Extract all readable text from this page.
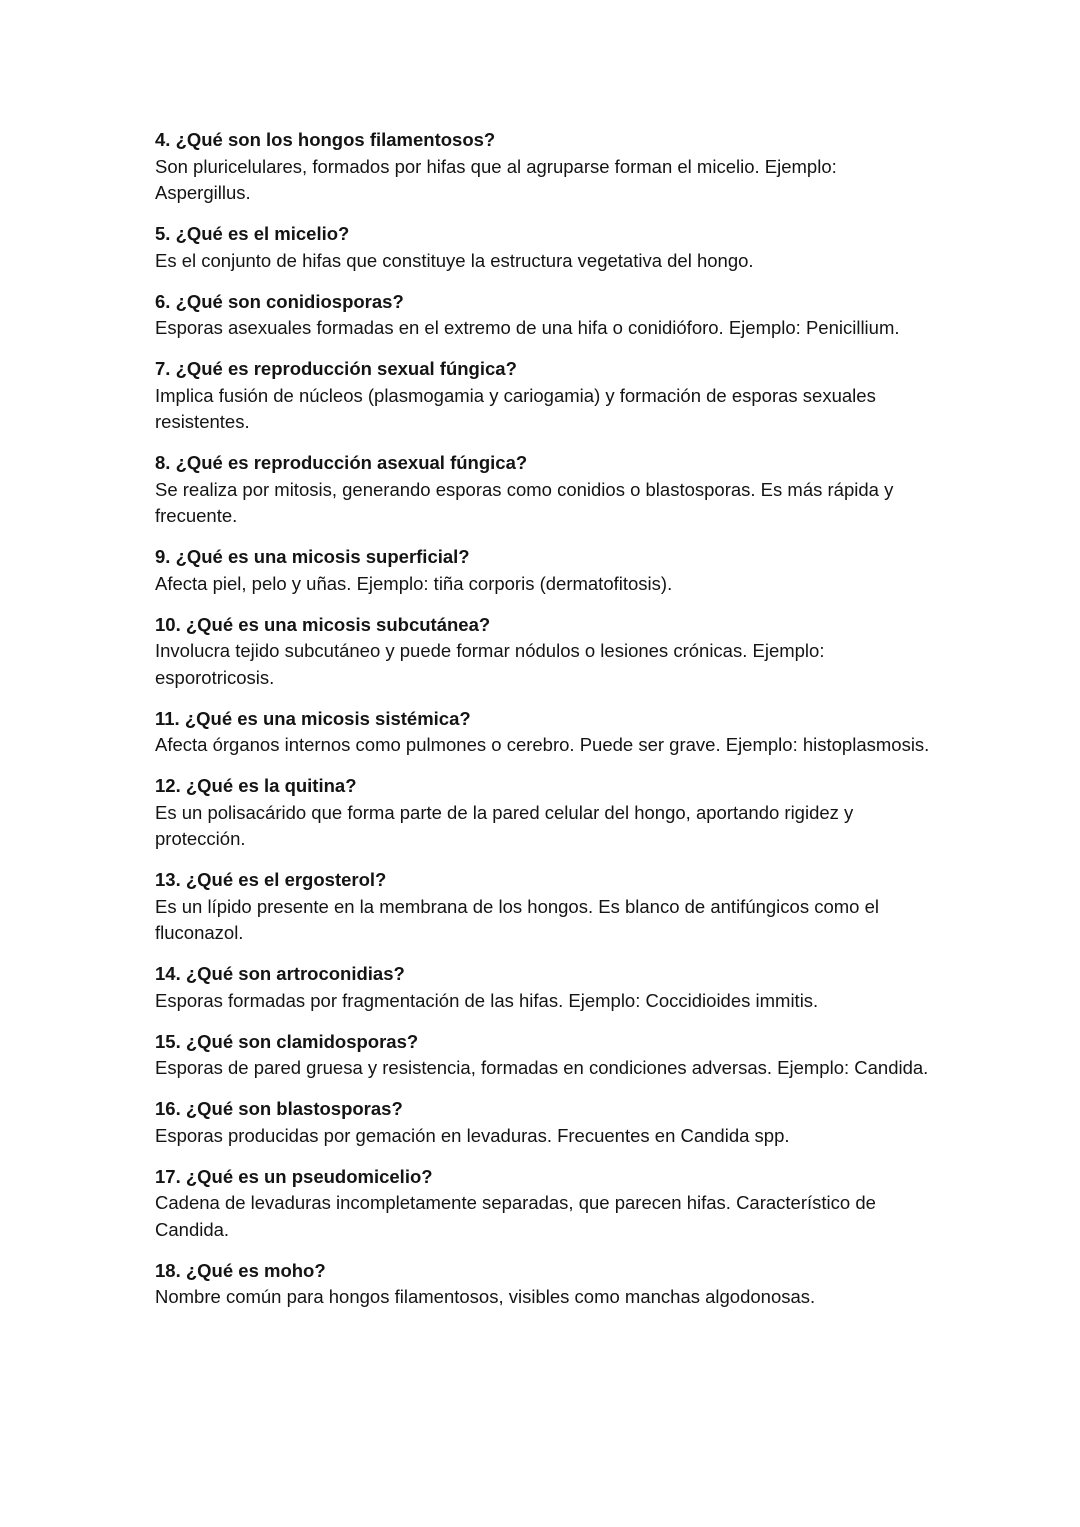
4. ¿Qué son los hongos filamentosos?

Son pluricelulares, formados por hifas que al agruparse forman el micelio. Ejemplo: Aspergillus.

5. ¿Qué es el micelio?

Es el conjunto de hifas que constituye la estructura vegetativa del hongo.

6. ¿Qué son conidiosporas?

Esporas asexuales formadas en el extremo de una hifa o conidióforo. Ejemplo: Penicillium.

7. ¿Qué es reproducción sexual fúngica?

Implica fusión de núcleos (plasmogamia y cariogamia) y formación de esporas sexuales resistentes.

8. ¿Qué es reproducción asexual fúngica?

Se realiza por mitosis, generando esporas como conidios o blastosporas. Es más rápida y frecuente.

9. ¿Qué es una micosis superficial?

Afecta piel, pelo y uñas. Ejemplo: tiña corporis (dermatofitosis).

10. ¿Qué es una micosis subcutánea?

Involucra tejido subcutáneo y puede formar nódulos o lesiones crónicas. Ejemplo: esporotricosis.

11. ¿Qué es una micosis sistémica?

Afecta órganos internos como pulmones o cerebro. Puede ser grave. Ejemplo: histoplasmosis.

12. ¿Qué es la quitina?

Es un polisacárido que forma parte de la pared celular del hongo, aportando rigidez y protección.

13. ¿Qué es el ergosterol?

Es un lípido presente en la membrana de los hongos. Es blanco de antifúngicos como el fluconazol.

14. ¿Qué son artroconidias?

Esporas formadas por fragmentación de las hifas. Ejemplo: Coccidioides immitis.

15. ¿Qué son clamidosporas?

Esporas de pared gruesa y resistencia, formadas en condiciones adversas. Ejemplo: Candida.

16. ¿Qué son blastosporas?

Esporas producidas por gemación en levaduras. Frecuentes en Candida spp.

17. ¿Qué es un pseudomicelio?

Cadena de levaduras incompletamente separadas, que parecen hifas. Característico de Candida.

18. ¿Qué es moho?

Nombre común para hongos filamentosos, visibles como manchas algodonosas.
